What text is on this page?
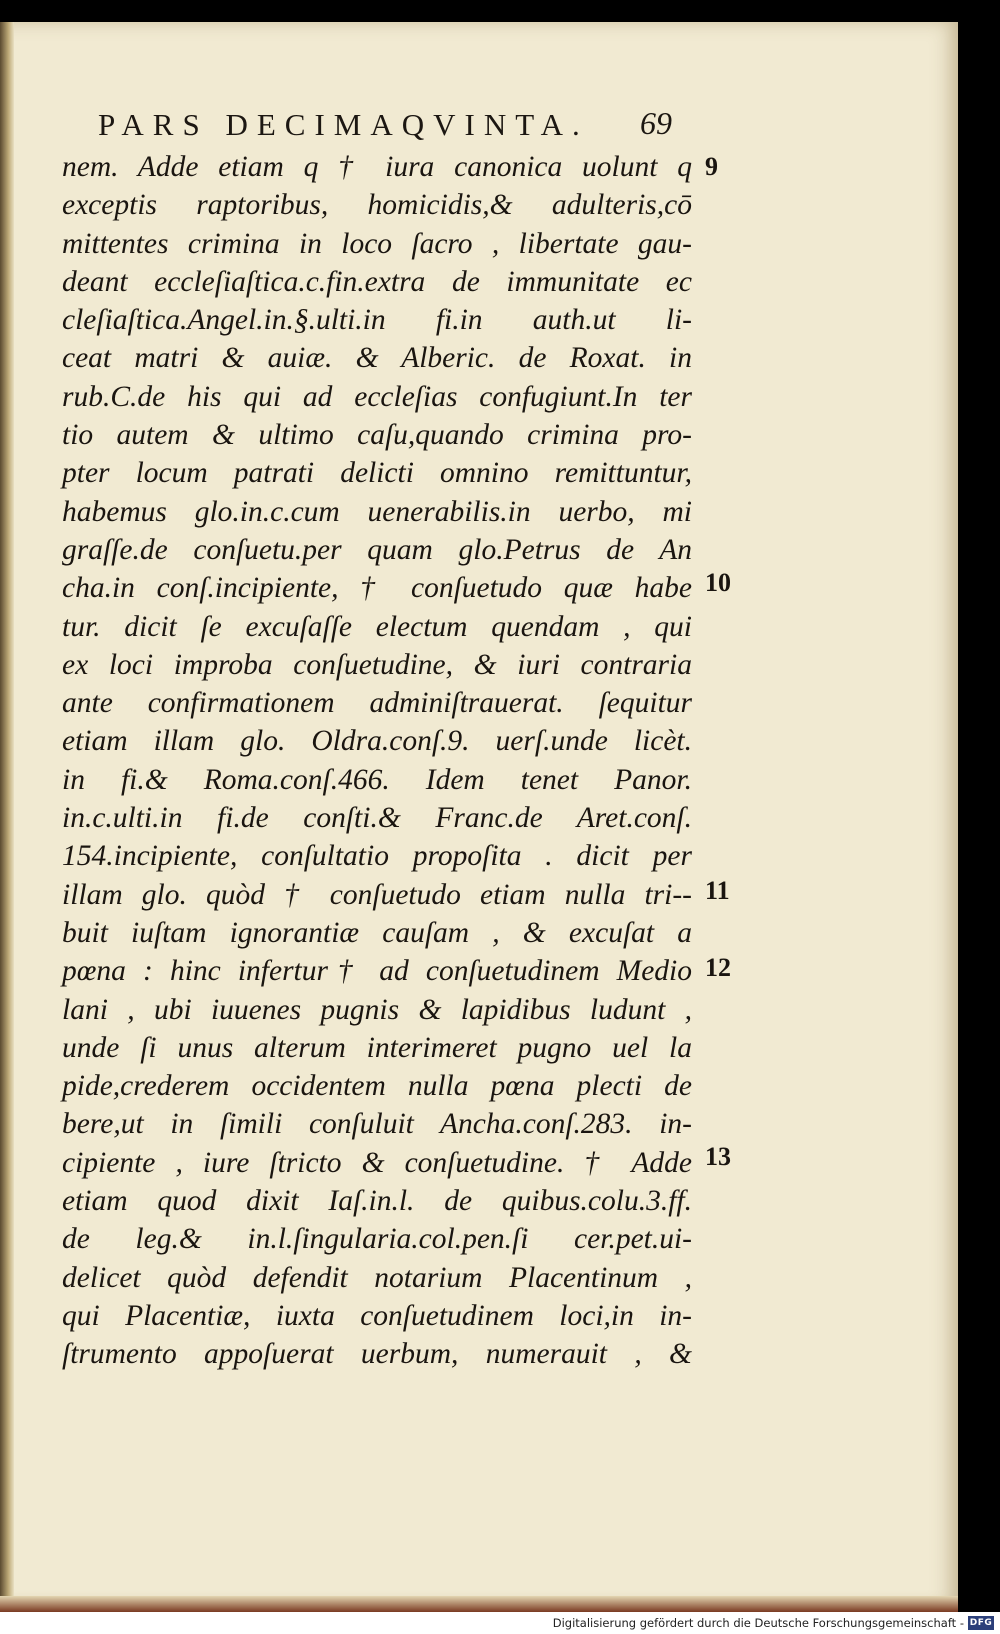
PARS DECIMAQVINTA. 69
nem. Adde etiam q † iura canonica uolunt q
exceptis raptoribus, homicidis,& adulteris,cō
mittentes crimina in loco ſacro , libertate gau-
deant eccleſiaſtica.c.fin.extra de immunitate ec
cleſiaſtica.Angel.in.§.ulti.in fi.in auth.ut li-
ceat matri & auiæ. & Alberic. de Roxat. in
rub.C.de his qui ad eccleſias confugiunt.In ter
tio autem & ultimo caſu,quando crimina pro-
pter locum patrati delicti omnino remittuntur,
habemus glo.in.c.cum uenerabilis.in uerbo, mi
graſſe.de conſuetu.per quam glo.Petrus de An
cha.in conſ.incipiente, † conſuetudo quæ habe
tur. dicit ſe excuſaſſe electum quendam , qui
ex loci improba conſuetudine, & iuri contraria
ante confirmationem adminiſtrauerat. ſequitur
etiam illam glo. Oldra.conſ.9. uerſ.unde licèt.
in fi.& Roma.conſ.466. Idem tenet Panor.
in.c.ulti.in fi.de conſti.& Franc.de Aret.conſ.
154.incipiente, conſultatio propoſita . dicit per
illam glo. quòd † conſuetudo etiam nulla tri--
buit iuſtam ignorantiæ cauſam , & excuſat a
pœna : hinc infertur† ad conſuetudinem Medio
lani , ubi iuuenes pugnis & lapidibus ludunt ,
unde ſi unus alterum interimeret pugno uel la
pide,crederem occidentem nulla pœna plecti de
bere,ut in ſimili conſuluit Ancha.conſ.283. in-
cipiente , iure ſtricto & conſuetudine. † Adde
etiam quod dixit Iaſ.in.l. de quibus.colu.3.ff.
de leg.& in.l.ſingularia.col.pen.ſi cer.pet.ui-
delicet quòd defendit notarium Placentinum ,
qui Placentiæ, iuxta conſuetudinem loci,in in-
ſtrumento appoſuerat uerbum, numerauit , &
9
10
11
12
13
Digitalisierung gefördert durch die Deutsche Forschungsgemeinschaft - DFG
